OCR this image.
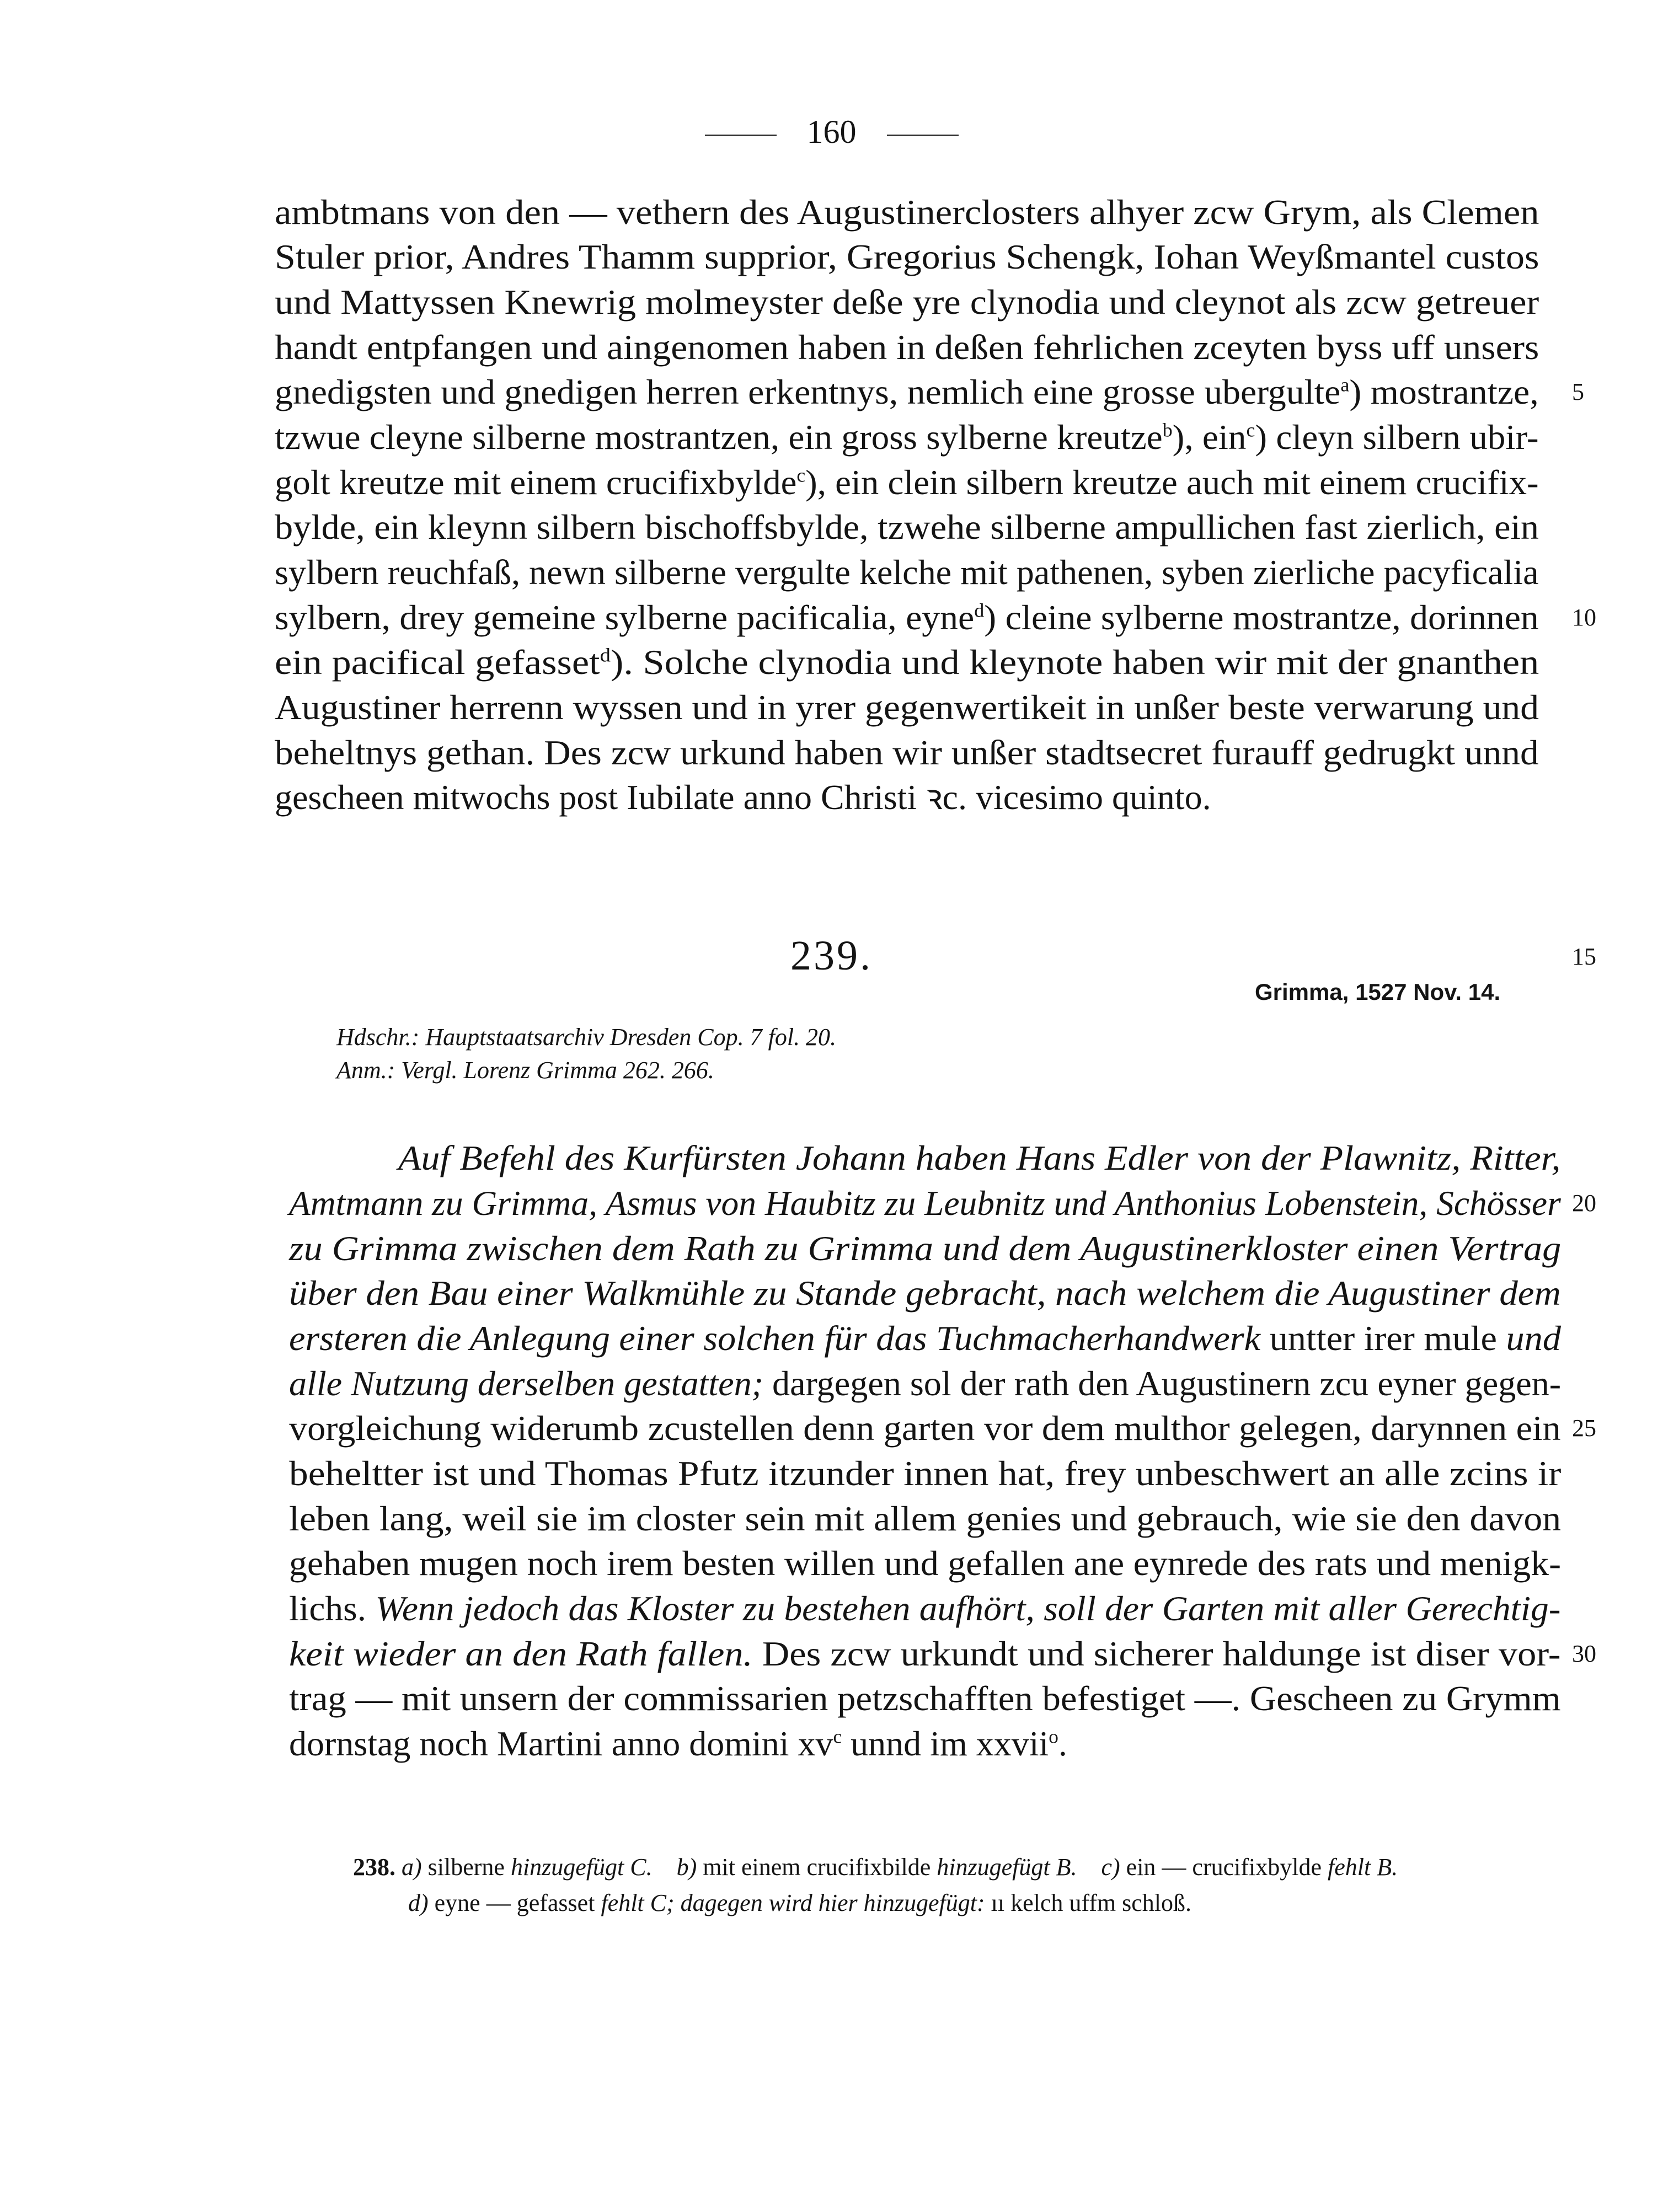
160
ambtmans von den — vethern des Augustinerclosters alhyer zcw Grym, als Clemen
Stuler prior, Andres Thamm supprior, Gregorius Schengk, Iohan Weyßmantel custos
und Mattyssen Knewrig molmeyster deße yre clynodia und cleynot als zcw getreuer
handt entpfangen und aingenomen haben in deßen fehrlichen zceyten byss uff unsers
gnedigsten und gnedigen herren erkentnys, nemlich eine grosse ubergulte$^a$) mostrantze,
tzwue cleyne silberne mostrantzen, ein gross sylberne kreutze$^b$), ein$^c$) cleyn silbern ubir-
golt kreutze mit einem crucifixbylde$^c$), ein clein silbern kreutze auch mit einem crucifix-
bylde, ein kleynn silbern bischoffsbylde, tzwehe silberne ampullichen fast zierlich, ein
sylbern reuchfaß, newn silberne vergulte kelche mit pathenen, syben zierliche pacyficalia
sylbern, drey gemeine sylberne pacificalia, eyne$^d$) cleine sylberne mostrantze, dorinnen
ein pacifical gefasset$^d$). Solche clynodia und kleynote haben wir mit der gnanthen
Augustiner herrenn wyssen und in yrer gegenwertikeit in unßer beste verwarung und
beheltnys gethan. Des zcw urkund haben wir unßer stadtsecret furauff gedrugkt unnd
gescheen mitwochs post Iubilate anno Christi ꝛc. vicesimo quinto.
5
10
239.	15
Grimma, 1527 Nov. 14.
Hdschr.: Hauptstaatsarchiv Dresden Cop. 7 fol. 20.
Anm.: Vergl. Lorenz Grimma 262. 266.
Auf Befehl des Kurfürsten Johann haben Hans Edler von der Plawnitz, Ritter,
Amtmann zu Grimma, Asmus von Haubitz zu Leubnitz und Anthonius Lobenstein, Schösser
zu Grimma zwischen dem Rath zu Grimma und dem Augustinerkloster einen Vertrag
über den Bau einer Walkmühle zu Stande gebracht, nach welchem die Augustiner dem
ersteren die Anlegung einer solchen für das Tuchmacherhandwerk untter irer mule und
alle Nutzung derselben gestatten; dargegen sol der rath den Augustinern zcu eyner gegen-
vorgleichung widerumb zcustellen denn garten vor dem multhor gelegen, darynnen ein
beheltter ist und Thomas Pfutz itzunder innen hat, frey unbeschwert an alle zcins ir
leben lang, weil sie im closter sein mit allem genies und gebrauch, wie sie den davon
gehaben mugen noch irem besten willen und gefallen ane eynrede des rats und menigk-
lichs. Wenn jedoch das Kloster zu bestehen aufhört, soll der Garten mit aller Gerechtig-
keit wieder an den Rath fallen. Des zcw urkundt und sicherer haldunge ist diser vor-
trag — mit unsern der commissarien petzschafften befestiget —. Gescheen zu Grymm
dornstag noch Martini anno domini $xv^c$ unnd im xxvii$^o$.
20
25
30
238. a) silberne hinzugefügt C. b) mit einem crucifixbilde hinzugefügt B. c) ein — crucifixbylde fehlt B.
d) eyne — gefasset fehlt C; dagegen wird hier hinzugefügt: ıı kelch uffm schloß.
